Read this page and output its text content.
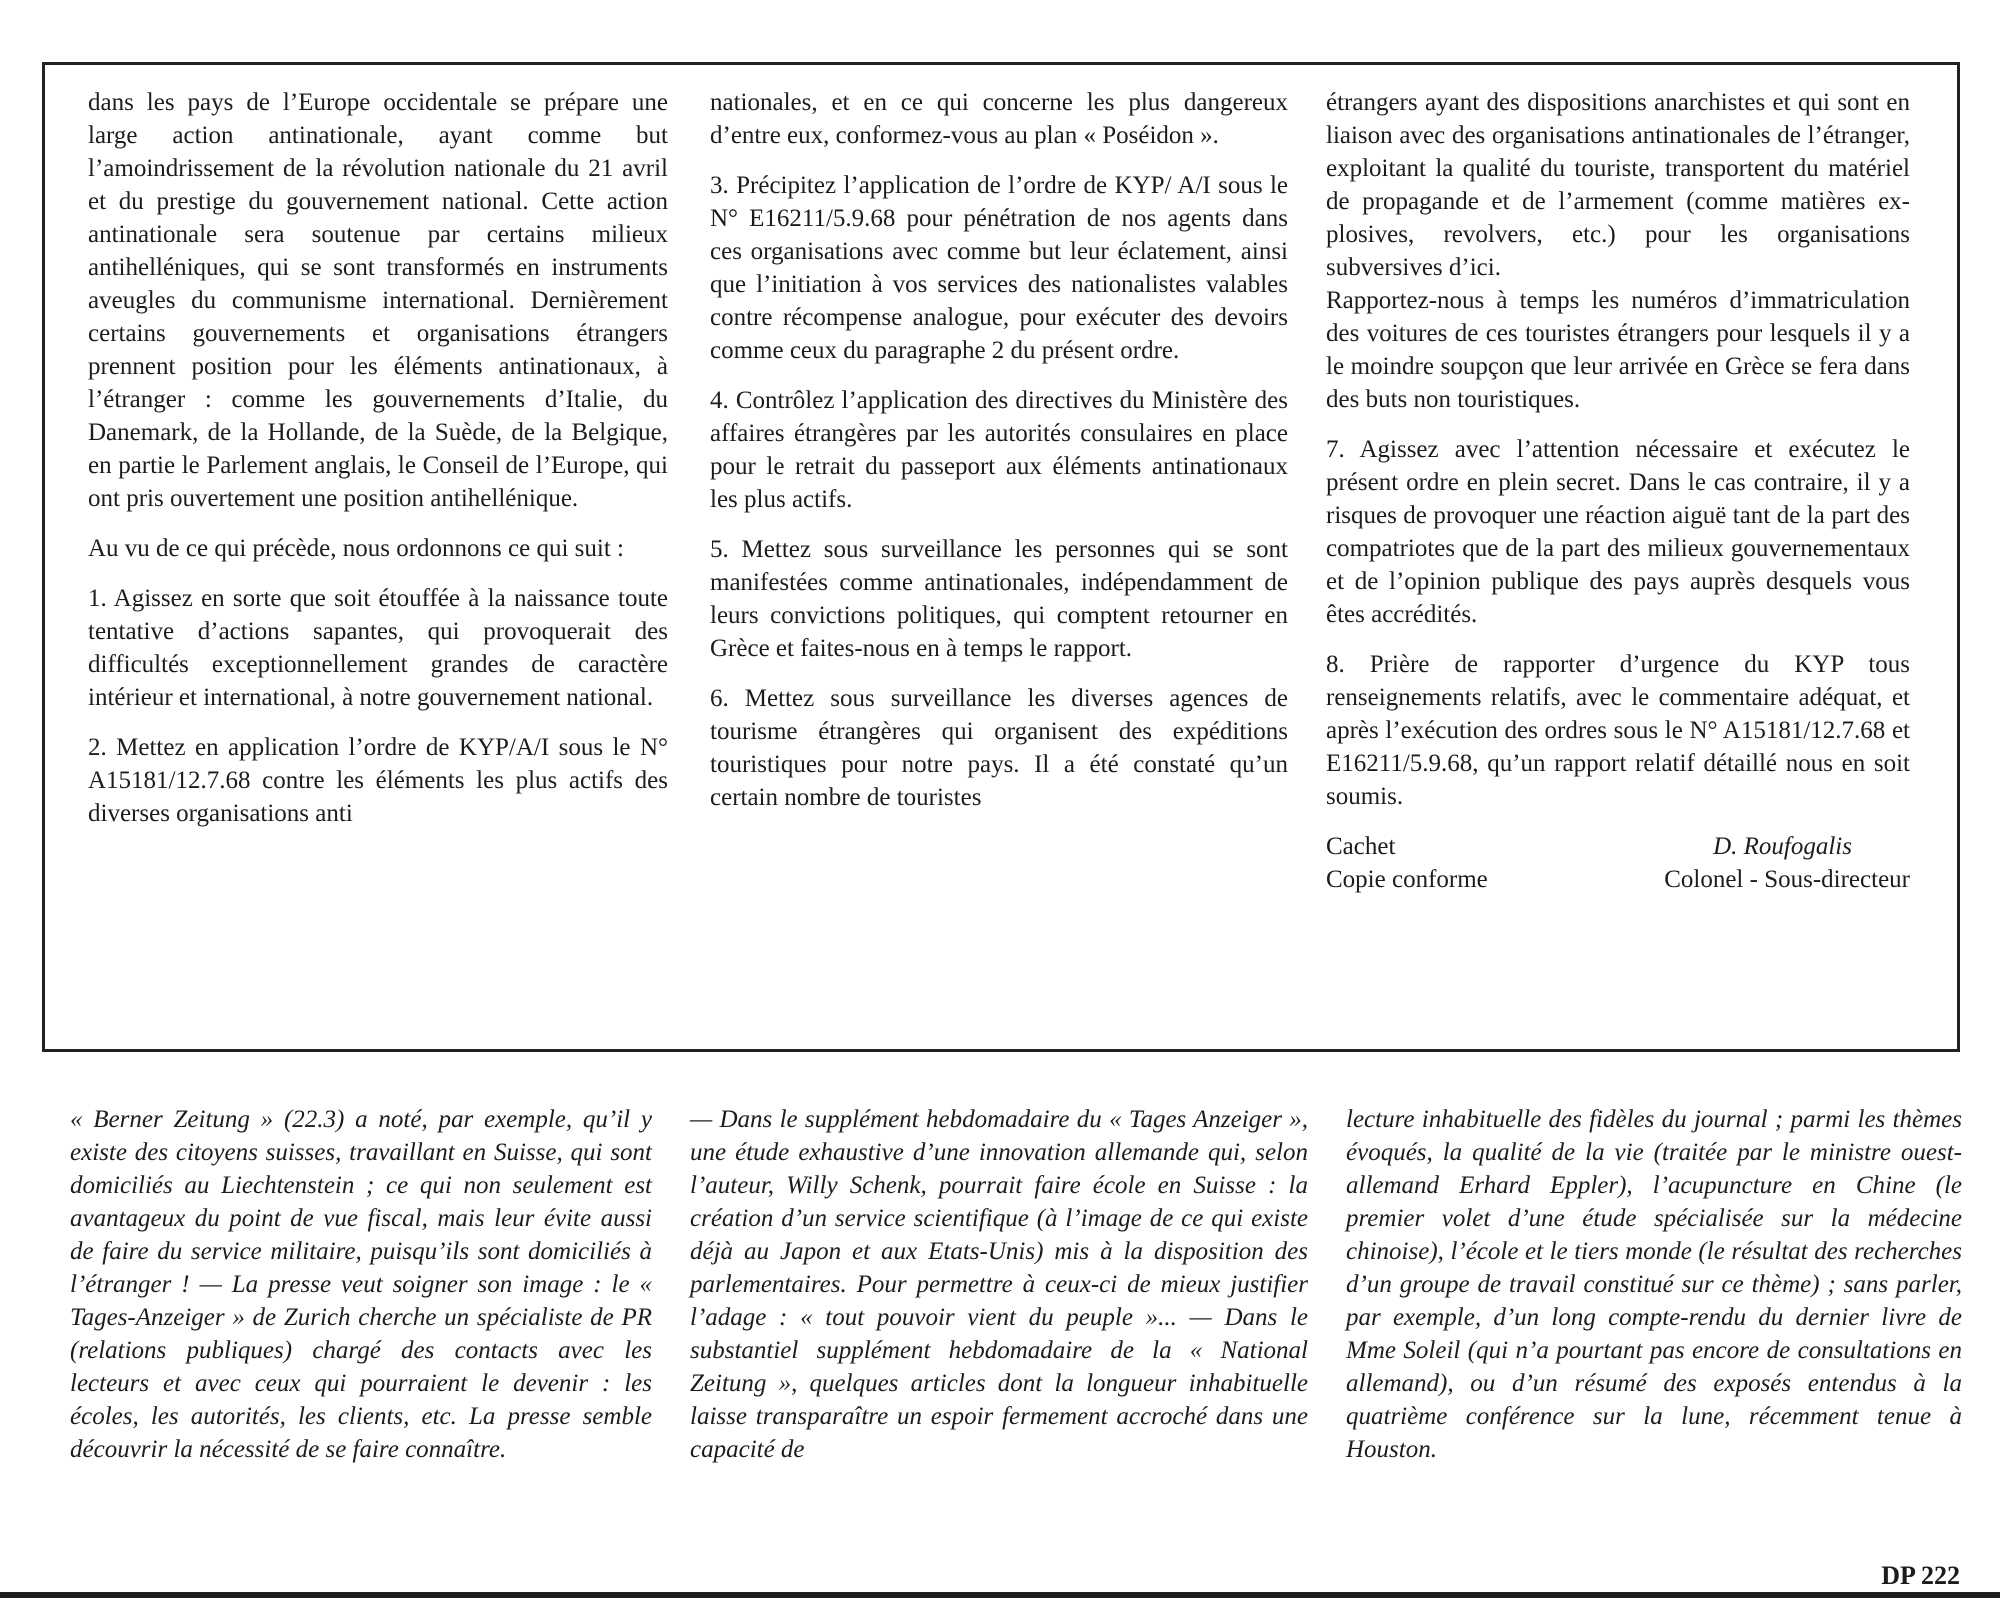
dans les pays de l’Europe occidentale se prépare une large action antinationale, ayant comme but l’amoindrissement de la révolution nationale du 21 avril et du prestige du gouvernement national. Cette action antinationale sera soutenue par certains milieux antihelléniques, qui se sont transformés en instruments aveugles du communisme international. Dernièrement certains gouvernements et organisations étrangers prennent position pour les éléments antinationaux, à l’étranger : comme les gouvernements d’Italie, du Danemark, de la Hollande, de la Suède, de la Belgique, en partie le Parlement anglais, le Conseil de l’Europe, qui ont pris ouvertement une position antihellénique.

Au vu de ce qui précède, nous ordonnons ce qui suit :

1. Agissez en sorte que soit étouffée à la naissance toute tentative d’actions sapantes, qui provoquerait des difficultés exceptionnellement grandes de caractère intérieur et international, à notre gouvernement national.

2. Mettez en application l’ordre de KYP/A/I sous le N° A15181/12.7.68 contre les éléments les plus actifs des diverses organisations anti

nationales, et en ce qui concerne les plus dangereux d’entre eux, conformez-vous au plan « Poséidon ».

3. Précipitez l’application de l’ordre de KYP/ A/I sous le N° E16211/5.9.68 pour pénétration de nos agents dans ces organisations avec comme but leur éclatement, ainsi que l’initiation à vos services des nationalistes valables contre récompense analogue, pour exécuter des devoirs comme ceux du paragraphe 2 du présent ordre.

4. Contrôlez l’application des directives du Ministère des affaires étrangères par les autorités consulaires en place pour le retrait du passeport aux éléments antinationaux les plus actifs.

5. Mettez sous surveillance les personnes qui se sont manifestées comme antinationales, indépendamment de leurs convictions politiques, qui comptent retourner en Grèce et faites-nous en à temps le rapport.

6. Mettez sous surveillance les diverses agences de tourisme étrangères qui organisent des expéditions touristiques pour notre pays. Il a été constaté qu’un certain nombre de touristes

étrangers ayant des dispositions anarchistes et qui sont en liaison avec des organisations antinationales de l’étranger, exploitant la qualité du touriste, transportent du matériel de propagande et de l’armement (comme matières explosives, revolvers, etc.) pour les organisations subversives d’ici.

Rapportez-nous à temps les numéros d’immatriculation des voitures de ces touristes étrangers pour lesquels il y a le moindre soupçon que leur arrivée en Grèce se fera dans des buts non touristiques.

7. Agissez avec l’attention nécessaire et exécutez le présent ordre en plein secret. Dans le cas contraire, il y a risques de provoquer une réaction aiguë tant de la part des compatriotes que de la part des milieux gouvernementaux et de l’opinion publique des pays auprès desquels vous êtes accrédités.

8. Prière de rapporter d’urgence du KYP tous renseignements relatifs, avec le commentaire adéquat, et après l’exécution des ordres sous le N° A15181/12.7.68 et E16211/5.9.68, qu’un rapport relatif détaillé nous en soit soumis.

Cachet	D. Roufogalis
Copie conforme	Colonel - Sous-directeur

« Berner Zeitung » (22.3) a noté, par exemple, qu’il y existe des citoyens suisses, travaillant en Suisse, qui sont domiciliés au Liechtenstein ; ce qui non seulement est avantageux du point de vue fiscal, mais leur évite aussi de faire du service militaire, puisqu’ils sont domiciliés à l’étranger ! — La presse veut soigner son image : le « Tages-Anzeiger » de Zurich cherche un spécialiste de PR (relations publiques) chargé des contacts avec les lecteurs et avec ceux qui pourraient le devenir : les écoles, les autorités, les clients, etc. La presse semble découvrir la nécessité de se faire connaître.

— Dans le supplément hebdomadaire du « Tages Anzeiger », une étude exhaustive d’une innovation allemande qui, selon l’auteur, Willy Schenk, pourrait faire école en Suisse : la création d’un service scientifique (à l’image de ce qui existe déjà au Japon et aux Etats-Unis) mis à la disposition des parlementaires. Pour permettre à ceux-ci de mieux justifier l’adage : « tout pouvoir vient du peuple »... — Dans le substantiel supplément hebdomadaire de la « National Zeitung », quelques articles dont la longueur inhabituelle laisse transparaître un espoir fermement accroché dans une capacité de

lecture inhabituelle des fidèles du journal ; parmi les thèmes évoqués, la qualité de la vie (traitée par le ministre ouest-allemand Erhard Eppler), l’acupuncture en Chine (le premier volet d’une étude spécialisée sur la médecine chinoise), l’école et le tiers monde (le résultat des recherches d’un groupe de travail constitué sur ce thème) ; sans parler, par exemple, d’un long compte-rendu du dernier livre de Mme Soleil (qui n’a pourtant pas encore de consultations en allemand), ou d’un résumé des exposés entendus à la quatrième conférence sur la lune, récemment tenue à Houston.

DP 222
